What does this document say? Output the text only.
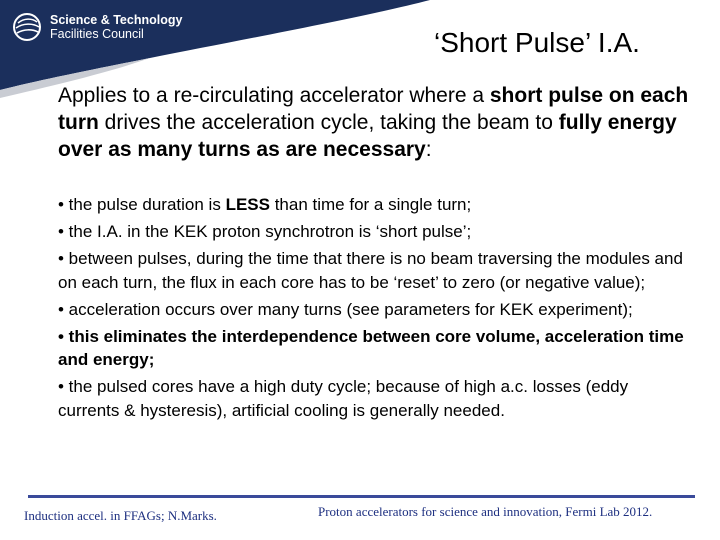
Science & Technology
Facilities Council	‘Short Pulse’ I.A.
Applies to a re-circulating accelerator where a short pulse on each turn drives the acceleration cycle, taking the beam to fully energy over as many turns as are necessary:
• the pulse duration is LESS than time for a single turn;
• the I.A. in the KEK proton synchrotron is ‘short pulse’;
• between pulses, during the time that there is no beam traversing the modules and on each turn, the flux in each core has to be ‘reset’ to zero (or negative value);
• acceleration occurs over many turns (see parameters for KEK experiment);
• this eliminates the interdependence between core volume, acceleration time and energy;
• the pulsed cores have a high duty cycle; because of high a.c. losses (eddy currents & hysteresis), artificial cooling is generally needed.
Induction accel. in FFAGs; N.Marks.	Proton accelerators for science and innovation, Fermi Lab 2012.
